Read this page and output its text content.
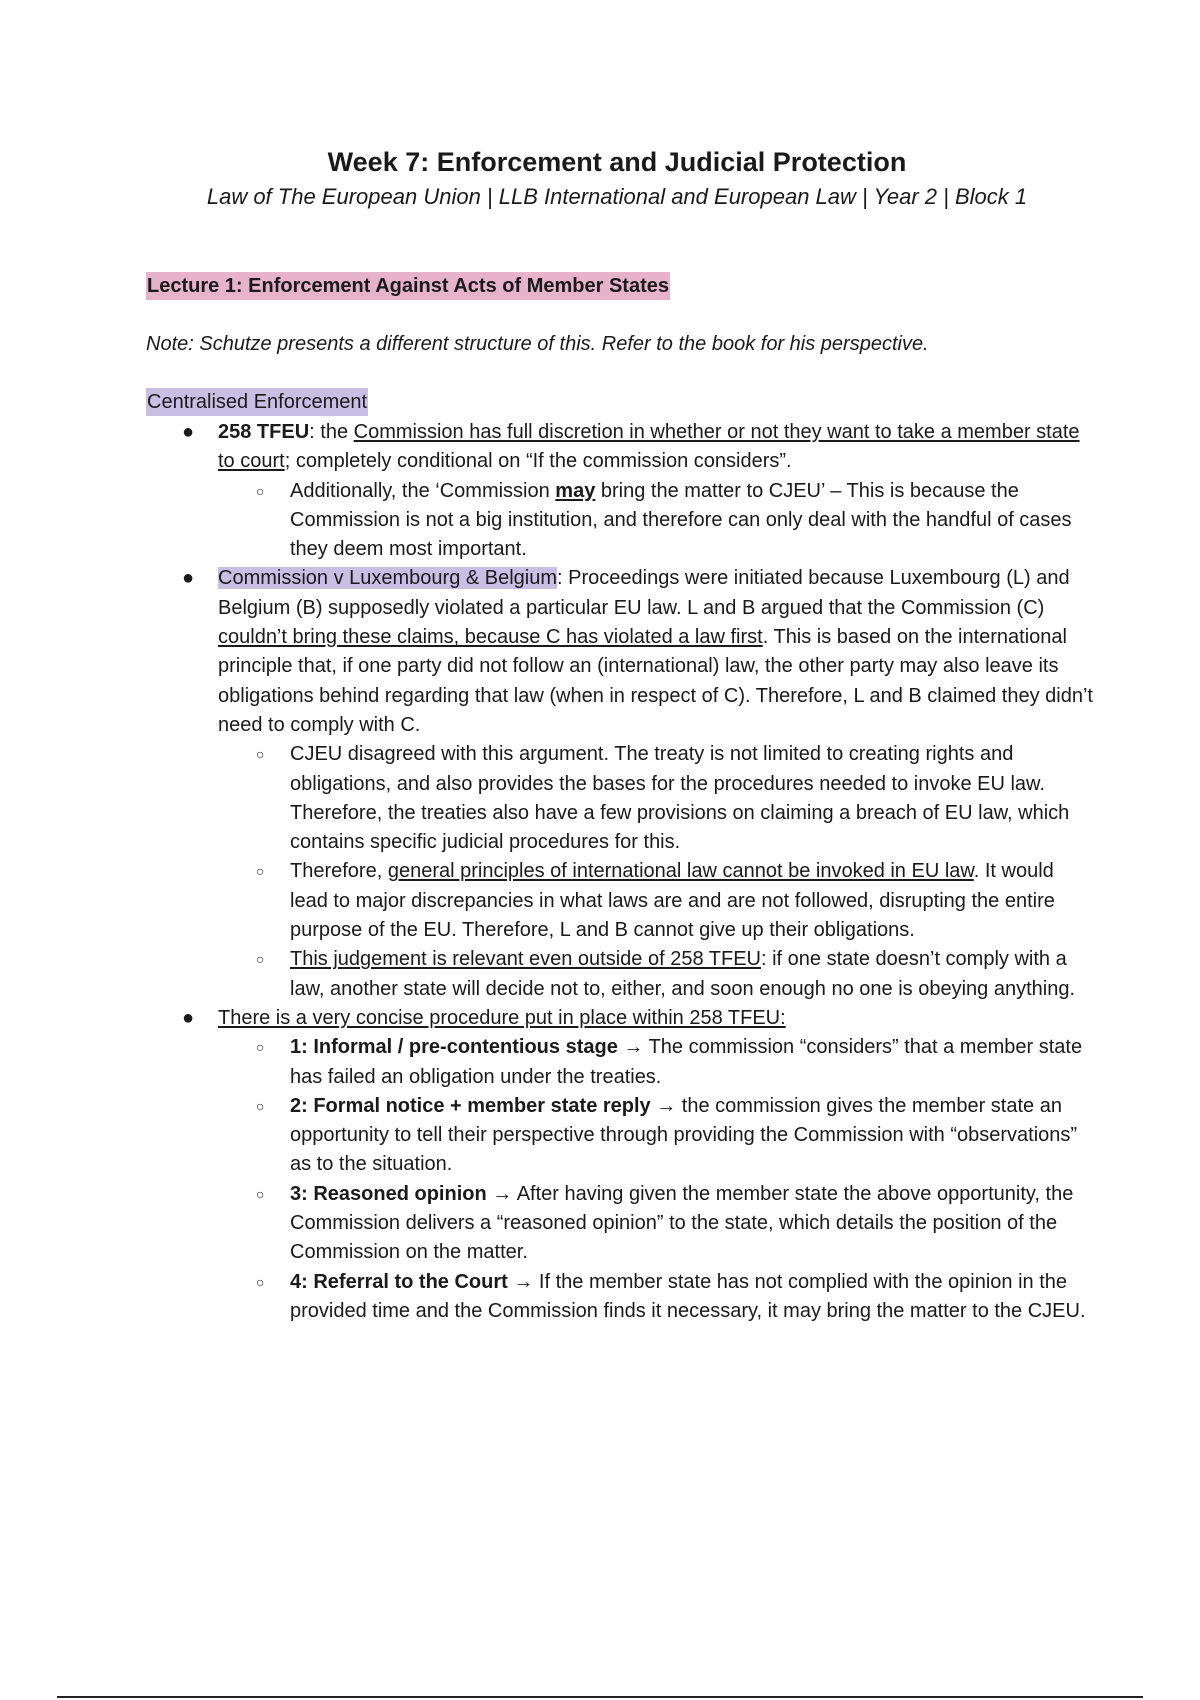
Week 7: Enforcement and Judicial Protection
Law of The European Union | LLB International and European Law | Year 2 | Block 1
Lecture 1: Enforcement Against Acts of Member States
Note: Schutze presents a different structure of this. Refer to the book for his perspective.
Centralised Enforcement
● 258 TFEU: the Commission has full discretion in whether or not they want to take a member state to court; completely conditional on “If the commission considers”.
○ Additionally, the ‘Commission may bring the matter to CJEU’ – This is because the Commission is not a big institution, and therefore can only deal with the handful of cases they deem most important.
● Commission v Luxembourg & Belgium: Proceedings were initiated because Luxembourg (L) and Belgium (B) supposedly violated a particular EU law. L and B argued that the Commission (C) couldn’t bring these claims, because C has violated a law first. This is based on the international principle that, if one party did not follow an (international) law, the other party may also leave its obligations behind regarding that law (when in respect of C). Therefore, L and B claimed they didn’t need to comply with C.
○ CJEU disagreed with this argument. The treaty is not limited to creating rights and obligations, and also provides the bases for the procedures needed to invoke EU law. Therefore, the treaties also have a few provisions on claiming a breach of EU law, which contains specific judicial procedures for this.
○ Therefore, general principles of international law cannot be invoked in EU law. It would lead to major discrepancies in what laws are and are not followed, disrupting the entire purpose of the EU. Therefore, L and B cannot give up their obligations.
○ This judgement is relevant even outside of 258 TFEU: if one state doesn’t comply with a law, another state will decide not to, either, and soon enough no one is obeying anything.
● There is a very concise procedure put in place within 258 TFEU:
○ 1: Informal / pre-contentious stage → The commission “considers” that a member state has failed an obligation under the treaties.
○ 2: Formal notice + member state reply → the commission gives the member state an opportunity to tell their perspective through providing the Commission with “observations” as to the situation.
○ 3: Reasoned opinion → After having given the member state the above opportunity, the Commission delivers a “reasoned opinion” to the state, which details the position of the Commission on the matter.
○ 4: Referral to the Court → If the member state has not complied with the opinion in the provided time and the Commission finds it necessary, it may bring the matter to the CJEU.
